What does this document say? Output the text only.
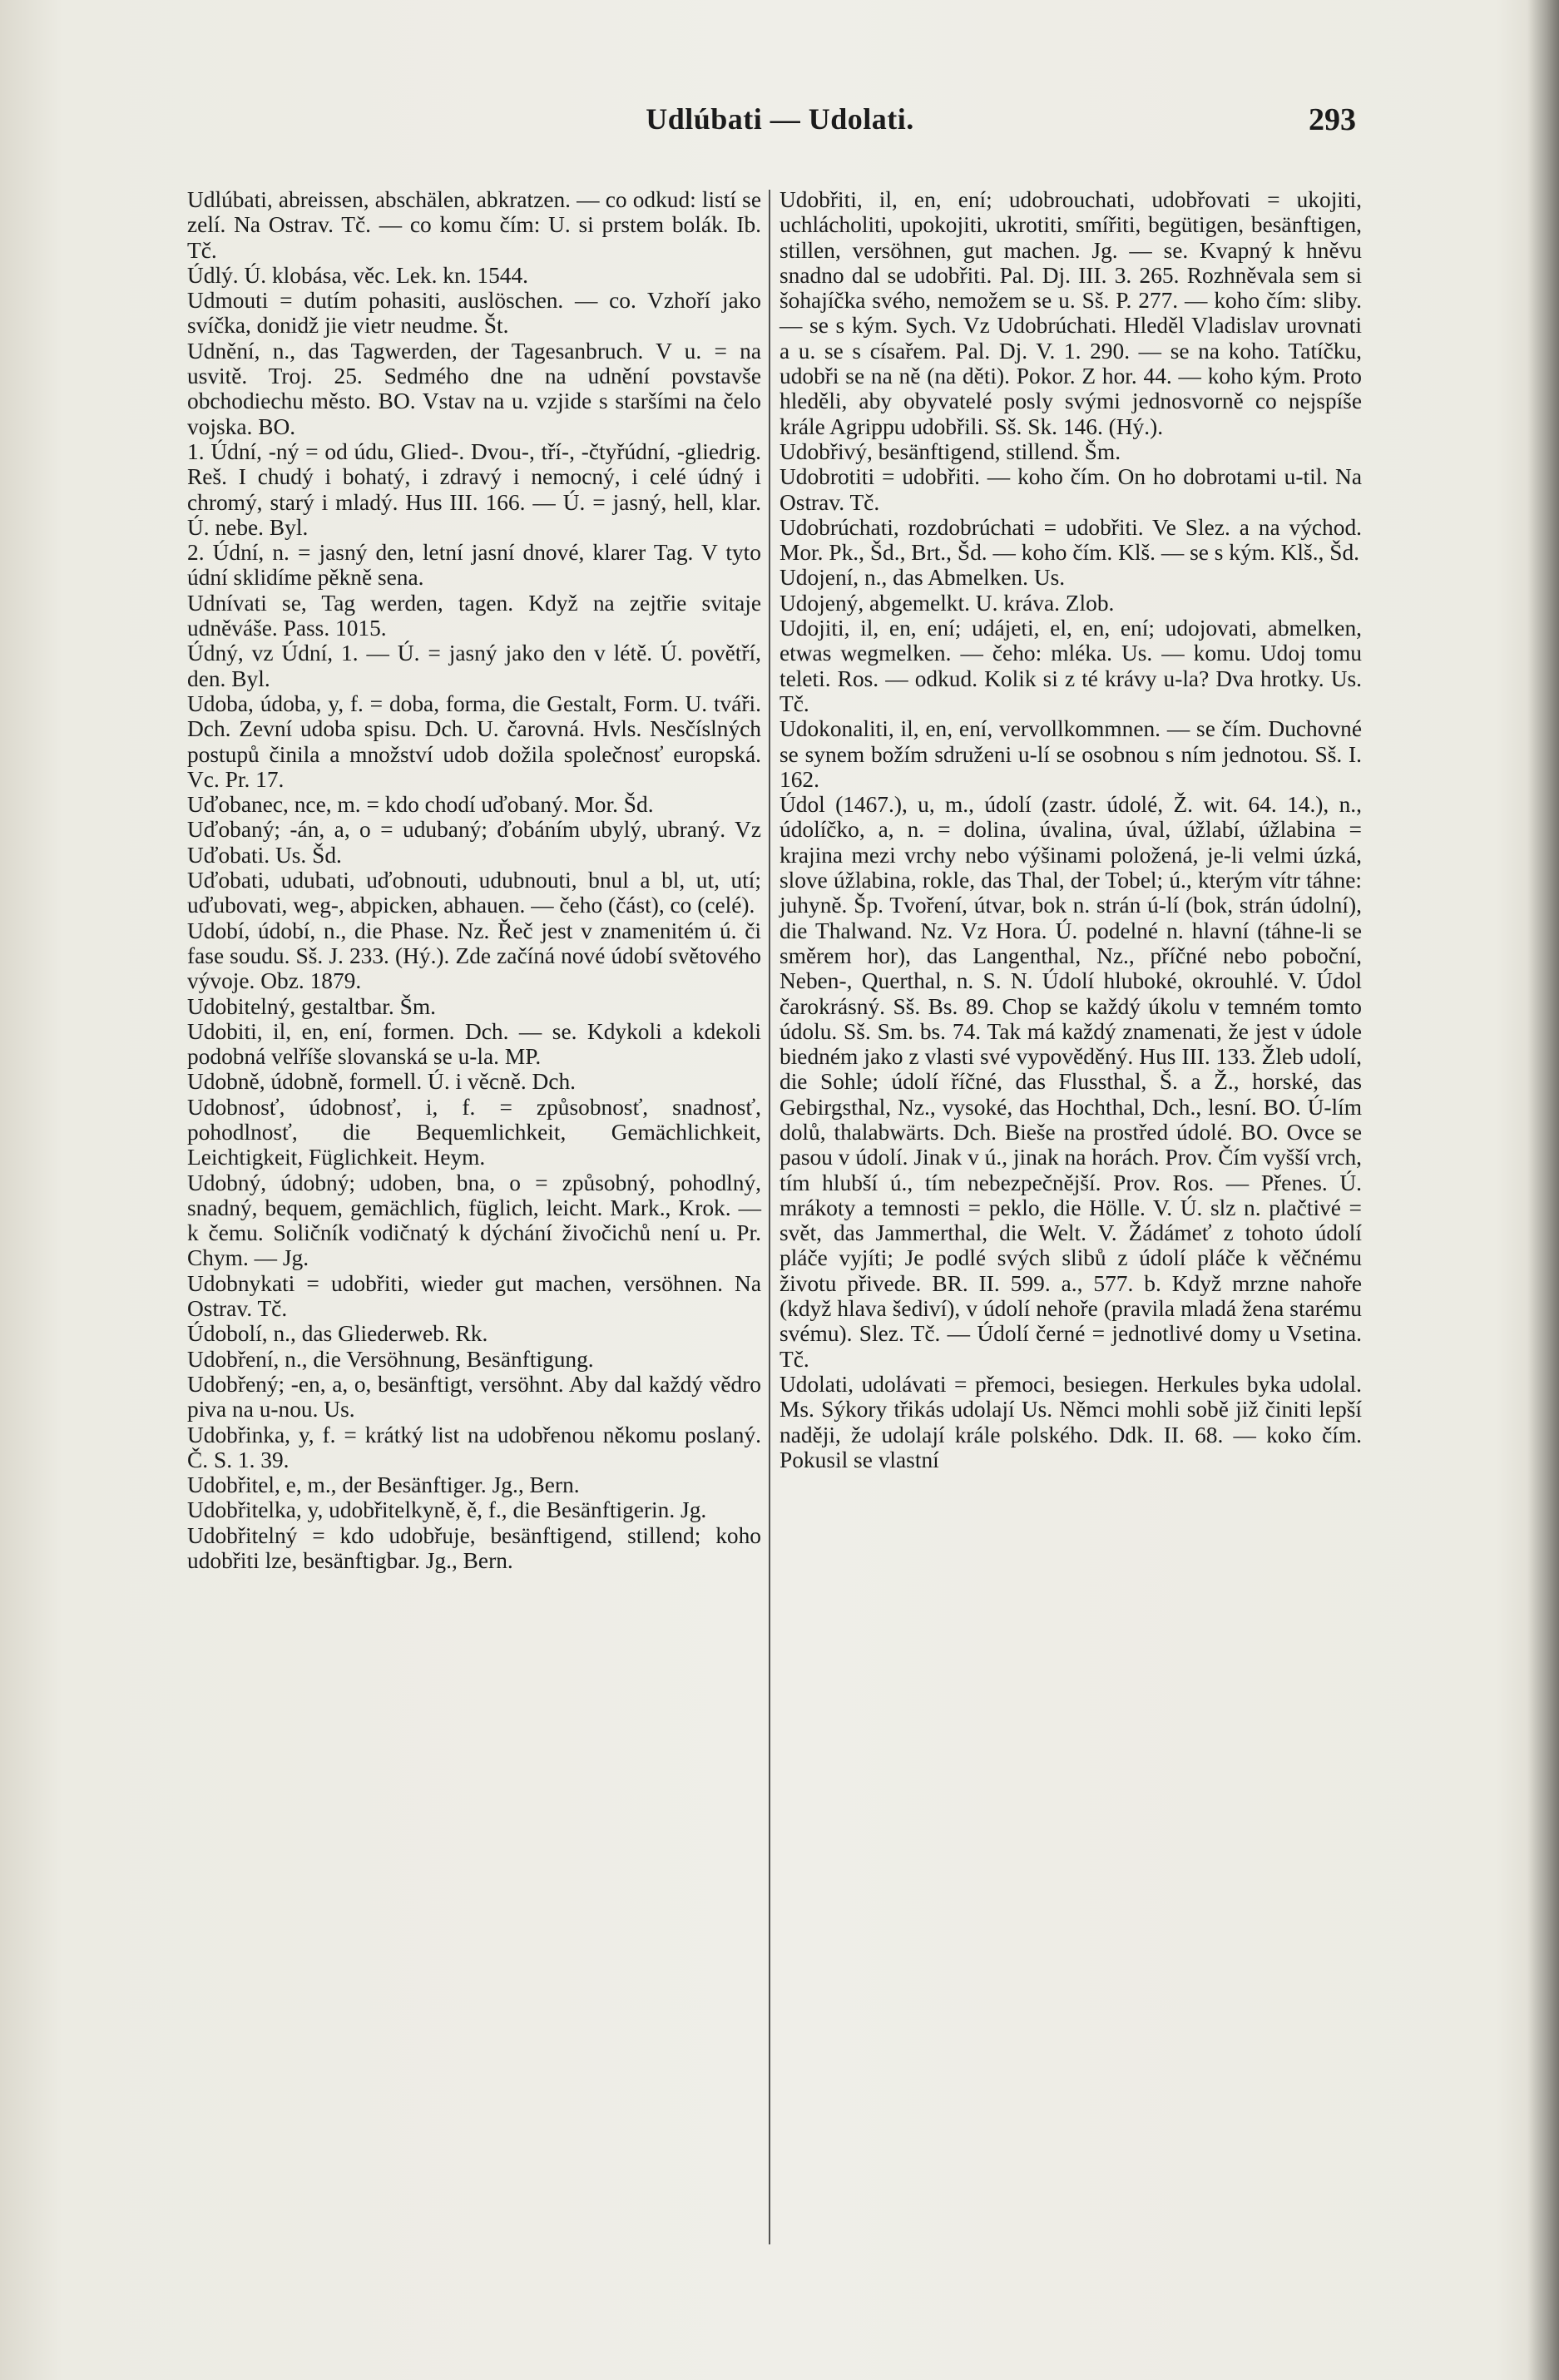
Udlúbati — Udolati.	293

Udlúbati, abreissen, abschälen, abkratzen. — co odkud: listí se zelí. Na Ostrav. Tč. — co komu čím: U. si prstem bolák. Ib. Tč.

Údlý. Ú. klobása, věc. Lek. kn. 1544.

Udmouti = dutím pohasiti, auslöschen. — co. Vzhoří jako svíčka, donidž jie vietr neudme. Št.

Udnění, n., das Tagwerden, der Tagesanbruch. V u. = na usvitě. Troj. 25. Sedmého dne na udnění povstavše obchodiechu město. BO. Vstav na u. vzjide s staršími na čelo vojska. BO.

1. Údní, -ný = od údu, Glied-. Dvou-, tří-, -čtyřúdní, -gliedrig. Reš. I chudý i bohatý, i zdravý i nemocný, i celé údný i chromý, starý i mladý. Hus III. 166. — Ú. = jasný, hell, klar. Ú. nebe. Byl.

2. Údní, n. = jasný den, letní jasní dnové, klarer Tag. V tyto údní sklidíme pěkně sena.

Udnívati se, Tag werden, tagen. Když na zejtřie svitaje udněváše. Pass. 1015.

Údný, vz Údní, 1. — Ú. = jasný jako den v létě. Ú. povětří, den. Byl.

Udoba, údoba, y, f. = doba, forma, die Gestalt, Form. U. tváři. Dch. Zevní udoba spisu. Dch. U. čarovná. Hvls. Nesčíslných postupů činila a množství udob dožila společnosť europská. Vc. Pr. 17.

Uďobanec, nce, m. = kdo chodí uďobaný. Mor. Šd.

Uďobaný; -án, a, o = udubaný; ďobáním ubylý, ubraný. Vz Uďobati. Us. Šd.

Uďobati, udubati, uďobnouti, udubnouti, bnul a bl, ut, utí; uďubovati, weg-, abpicken, abhauen. — čeho (část), co (celé).

Udobí, údobí, n., die Phase. Nz. Řeč jest v znamenitém ú. či fase soudu. Sš. J. 233. (Hý.). Zde začíná nové údobí světového vývoje. Obz. 1879.

Udobitelný, gestaltbar. Šm.

Udobiti, il, en, ení, formen. Dch. — se. Kdykoli a kdekoli podobná velříše slovanská se u-la. MP.

Udobně, údobně, formell. Ú. i věcně. Dch.

Udobnosť, údobnosť, i, f. = způsobnosť, snadnosť, pohodlnosť, die Bequemlichkeit, Gemächlichkeit, Leichtigkeit, Füglichkeit. Heym.

Udobný, údobný; udoben, bna, o = způsobný, pohodlný, snadný, bequem, gemächlich, füglich, leicht. Mark., Krok. — k čemu. Soličník vodičnatý k dýchání živočichů není u. Pr. Chym. — Jg.

Udobnykati = udobřiti, wieder gut machen, versöhnen. Na Ostrav. Tč.

Údobolí, n., das Gliederweb. Rk.

Udobření, n., die Versöhnung, Besänftigung.

Udobřený; -en, a, o, besänftigt, versöhnt. Aby dal každý vědro piva na u-nou. Us.

Udobřinka, y, f. = krátký list na udobřenou někomu poslaný. Č. S. 1. 39.

Udobřitel, e, m., der Besänftiger. Jg., Bern.

Udobřitelka, y, udobřitelkyně, ě, f., die Besänftigerin. Jg.

Udobřitelný = kdo udobřuje, besänftigend, stillend; koho udobřiti lze, besänftigbar. Jg., Bern.

Udobřiti, il, en, ení; udobrouchati, udobřovati = ukojiti, uchlácholiti, upokojiti, ukrotiti, smířiti, begütigen, besänftigen, stillen, versöhnen, gut machen. Jg. — se. Kvapný k hněvu snadno dal se udobřiti. Pal. Dj. III. 3. 265. Rozhněvala sem si šohajíčka svého, nemožem se u. Sš. P. 277. — koho čím: sliby. — se s kým. Sych. Vz Udobrúchati. Hleděl Vladislav urovnati a u. se s císařem. Pal. Dj. V. 1. 290. — se na koho. Tatíčku, udobři se na ně (na děti). Pokor. Z hor. 44. — koho kým. Proto hleděli, aby obyvatelé posly svými jednosvorně co nejspíše krále Agrippu udobřili. Sš. Sk. 146. (Hý.).

Udobřivý, besänftigend, stillend. Šm.

Udobrotiti = udobřiti. — koho čím. On ho dobrotami u-til. Na Ostrav. Tč.

Udobrúchati, rozdobrúchati = udobřiti. Ve Slez. a na východ. Mor. Pk., Šd., Brt., Šd. — koho čím. Klš. — se s kým. Klš., Šd.

Udojení, n., das Abmelken. Us.

Udojený, abgemelkt. U. kráva. Zlob.

Udojiti, il, en, ení; udájeti, el, en, ení; udojovati, abmelken, etwas wegmelken. — čeho: mléka. Us. — komu. Udoj tomu teleti. Ros. — odkud. Kolik si z té krávy u-la? Dva hrotky. Us. Tč.

Udokonaliti, il, en, ení, vervollkommnen. — se čím. Duchovné se synem božím sdruženi u-lí se osobnou s ním jednotou. Sš. I. 162.

Údol (1467.), u, m., údolí (zastr. údolé, Ž. wit. 64. 14.), n., údolíčko, a, n. = dolina, úvalina, úval, úžlabí, úžlabina = krajina mezi vrchy nebo výšinami položená, je-li velmi úzká, slove úžlabina, rokle, das Thal, der Tobel; ú., kterým vítr táhne: juhyně. Šp. Tvoření, útvar, bok n. strán ú-lí (bok, strán údolní), die Thalwand. Nz. Vz Hora. Ú. podelné n. hlavní (táhne-li se směrem hor), das Langenthal, Nz., příčné nebo poboční, Neben-, Querthal, n. S. N. Údolí hluboké, okrouhlé. V. Údol čarokrásný. Sš. Bs. 89. Chop se každý úkolu v temném tomto údolu. Sš. Sm. bs. 74. Tak má každý znamenati, že jest v údole biedném jako z vlasti své vypověděný. Hus III. 133. Žleb udolí, die Sohle; údolí říčné, das Flussthal, Š. a Ž., horské, das Gebirgsthal, Nz., vysoké, das Hochthal, Dch., lesní. BO. Ú-lím dolů, thalabwärts. Dch. Bieše na prostřed údolé. BO. Ovce se pasou v údolí. Jinak v ú., jinak na horách. Prov. Čím vyšší vrch, tím hlubší ú., tím nebezpečnější. Prov. Ros. — Přenes. Ú. mrákoty a temnosti = peklo, die Hölle. V. Ú. slz n. plačtivé = svět, das Jammerthal, die Welt. V. Žádámeť z tohoto údolí pláče vyjíti; Je podlé svých slibů z údolí pláče k věčnému životu přivede. BR. II. 599. a., 577. b. Když mrzne nahoře (když hlava šediví), v údolí nehoře (pravila mladá žena starému svému). Slez. Tč. — Údolí černé = jednotlivé domy u Vsetina. Tč.

Udolati, udolávati = přemoci, besiegen. Herkules byka udolal. Ms. Sýkory třikás udolají Us. Němci mohli sobě již činiti lepší naději, že udolají krále polského. Ddk. II. 68. — koko čím. Pokusil se vlastní
